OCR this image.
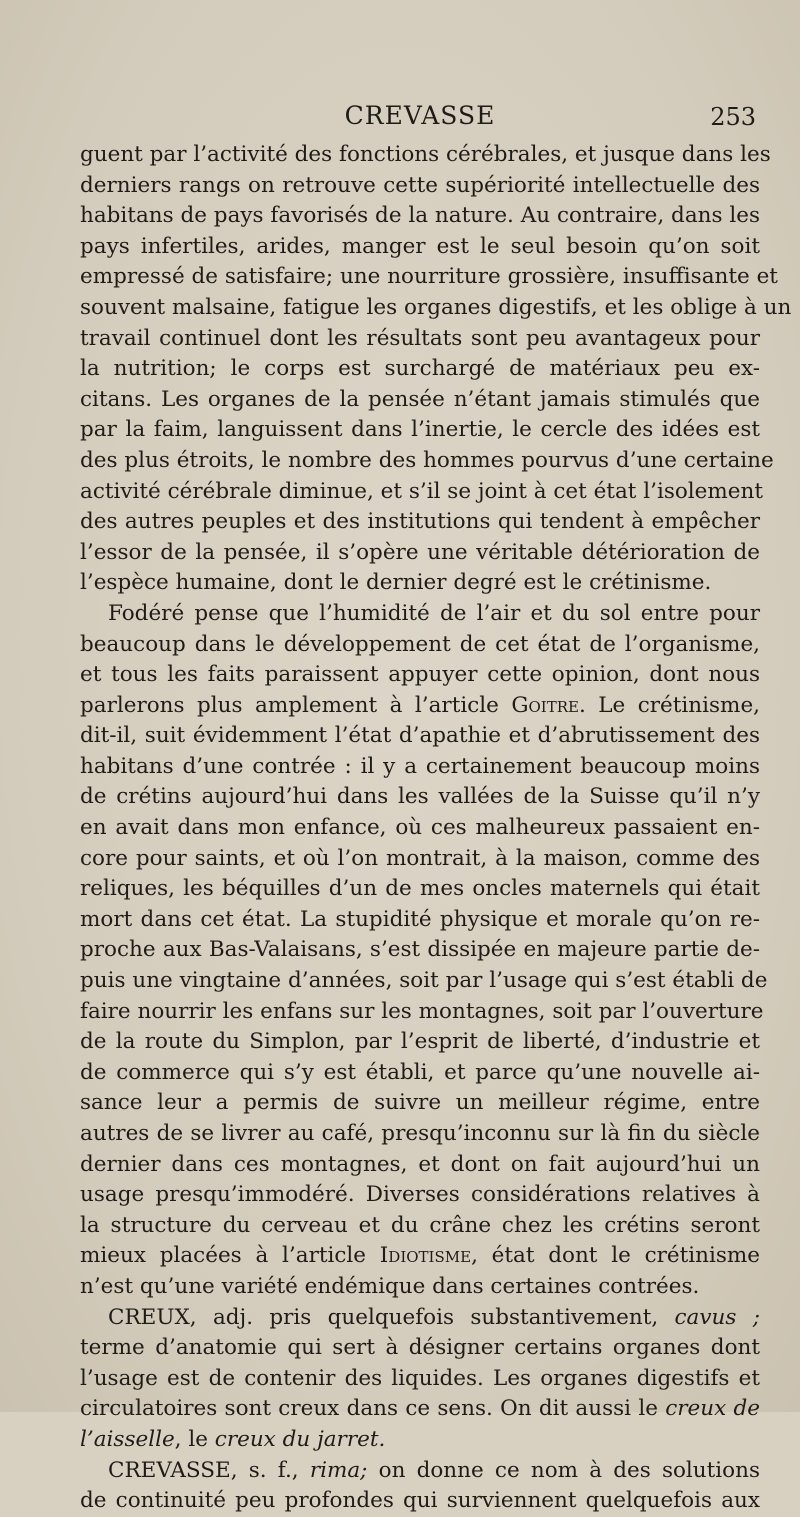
CREVASSE	253
guent par l’activité des fonctions cérébrales, et jusque dans les
derniers rangs on retrouve cette supériorité intellectuelle des
habitans de pays favorisés de la nature. Au contraire, dans les
pays infertiles, arides, manger est le seul besoin qu’on soit
empressé de satisfaire; une nourriture grossière, insuffisante et
souvent malsaine, fatigue les organes digestifs, et les oblige à un
travail continuel dont les résultats sont peu avantageux pour
la nutrition; le corps est surchargé de matériaux peu ex-
citans. Les organes de la pensée n’étant jamais stimulés que
par la faim, languissent dans l’inertie, le cercle des idées est
des plus étroits, le nombre des hommes pourvus d’une certaine
activité cérébrale diminue, et s’il se joint à cet état l’isolement
des autres peuples et des institutions qui tendent à empêcher
l’essor de la pensée, il s’opère une véritable détérioration de
l’espèce humaine, dont le dernier degré est le crétinisme.
Fodéré pense que l’humidité de l’air et du sol entre pour
beaucoup dans le développement de cet état de l’organisme,
et tous les faits paraissent appuyer cette opinion, dont nous
parlerons plus amplement à l’article Goitre. Le crétinisme,
dit-il, suit évidemment l’état d’apathie et d’abrutissement des
habitans d’une contrée : il y a certainement beaucoup moins
de crétins aujourd’hui dans les vallées de la Suisse qu’il n’y
en avait dans mon enfance, où ces malheureux passaient en-
core pour saints, et où l’on montrait, à la maison, comme des
reliques, les béquilles d’un de mes oncles maternels qui était
mort dans cet état. La stupidité physique et morale qu’on re-
proche aux Bas-Valaisans, s’est dissipée en majeure partie de-
puis une vingtaine d’années, soit par l’usage qui s’est établi de
faire nourrir les enfans sur les montagnes, soit par l’ouverture
de la route du Simplon, par l’esprit de liberté, d’industrie et
de commerce qui s’y est établi, et parce qu’une nouvelle ai-
sance leur a permis de suivre un meilleur régime, entre
autres de se livrer au café, presqu’inconnu sur là fin du siècle
dernier dans ces montagnes, et dont on fait aujourd’hui un
usage presqu’immodéré. Diverses considérations relatives à
la structure du cerveau et du crâne chez les crétins seront
mieux placées à l’article Idiotisme, état dont le crétinisme
n’est qu’une variété endémique dans certaines contrées.
CREUX, adj. pris quelquefois substantivement, cavus ;
terme d’anatomie qui sert à désigner certains organes dont
l’usage est de contenir des liquides. Les organes digestifs et
circulatoires sont creux dans ce sens. On dit aussi le creux de
l’aisselle, le creux du jarret.
CREVASSE, s. f., rima; on donne ce nom à des solutions
de continuité peu profondes qui surviennent quelquefois aux
